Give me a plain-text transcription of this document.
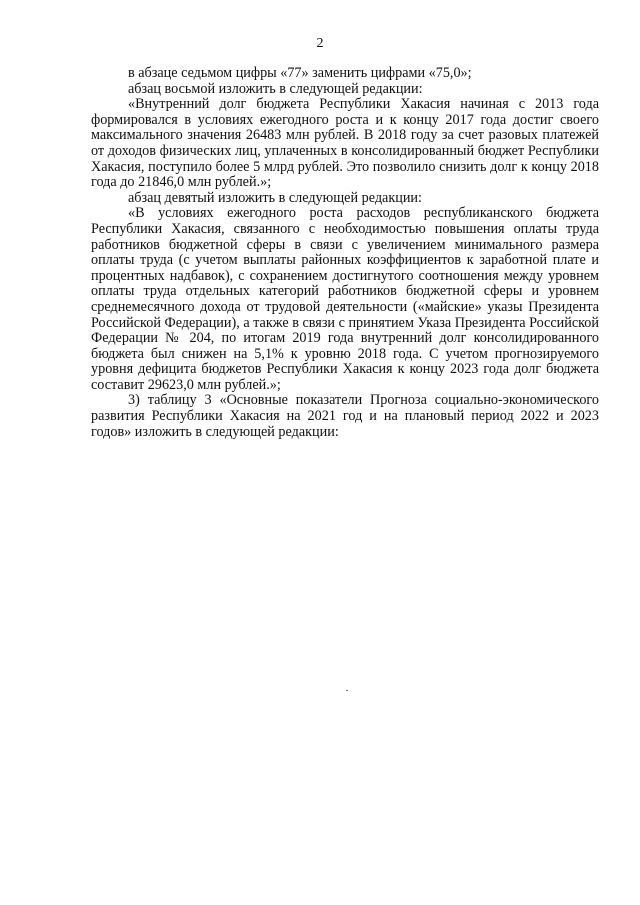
2

в абзаце седьмом цифры «77» заменить цифрами «75,0»;

абзац восьмой изложить в следующей редакции:

«Внутренний долг бюджета Республики Хакасия начиная с 2013 года формировался в условиях ежегодного роста и к концу 2017 года достиг своего максимального значения 26483 млн рублей. В 2018 году за счет разовых платежей от доходов физических лиц, уплаченных в консолидированный бюджет Республики Хакасия, поступило более 5 млрд рублей. Это позволило снизить долг к концу 2018 года до 21846,0 млн рублей.»;

абзац девятый изложить в следующей редакции:

«В условиях ежегодного роста расходов республиканского бюджета Республики Хакасия, связанного с необходимостью повышения оплаты труда работников бюджетной сферы в связи с увеличением минимального размера оплаты труда (с учетом выплаты районных коэффициентов к заработной плате и процентных надбавок), с сохранением достигнутого соотношения между уровнем оплаты труда отдельных категорий работников бюджетной сферы и уровнем среднемесячного дохода от трудовой деятельности («майские» указы Президента Российской Федерации), а также в связи с принятием Указа Президента Российской Федерации № 204, по итогам 2019 года внутренний долг консолидированного бюджета был снижен на 5,1% к уровню 2018 года. С учетом прогнозируемого уровня дефицита бюджетов Республики Хакасия к концу 2023 года долг бюджета составит 29623,0 млн рублей.»;

3) таблицу 3 «Основные показатели Прогноза социально-экономического развития Республики Хакасия на 2021 год и на плановый период 2022 и 2023 годов» изложить в следующей редакции:
